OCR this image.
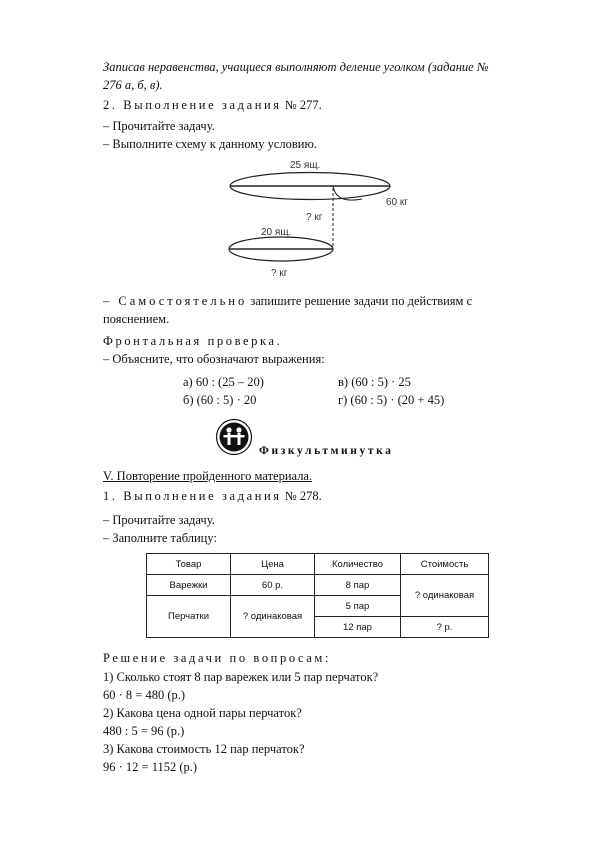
Записав неравенства, учащиеся выполняют деление уголком (задание №
276 а, б, в).
2. Выполнение задания № 277.
– Прочитайте задачу.
– Выполните схему к данному условию.
25 ящ.
60 кг
? кг
20 ящ.
? кг
– Самостоятельно запишите решение задачи по действиям с
пояснением.
Фронтальная проверка.
– Объясните, что обозначают выражения:
а) 60 : (25 – 20)	в) (60 : 5) · 25
б) (60 : 5) · 20	г) (60 : 5) · (20 + 45)
Физкультминутка
V. Повторение пройденного материала.
1. Выполнение задания № 278.
– Прочитайте задачу.
– Заполните таблицу:
Товар	Цена	Количество	Стоимость
Варежки	60 р.	8 пар	? одинаковая
Перчатки	? одинаковая	5 пар	
		12 пар	? р.
Решение задачи по вопросам:
1) Сколько стоят 8 пар варежек или 5 пар перчаток?
60 · 8 = 480 (р.)
2) Какова цена одной пары перчаток?
480 : 5 = 96 (р.)
3) Какова стоимость 12 пар перчаток?
96 · 12 = 1152 (р.)
